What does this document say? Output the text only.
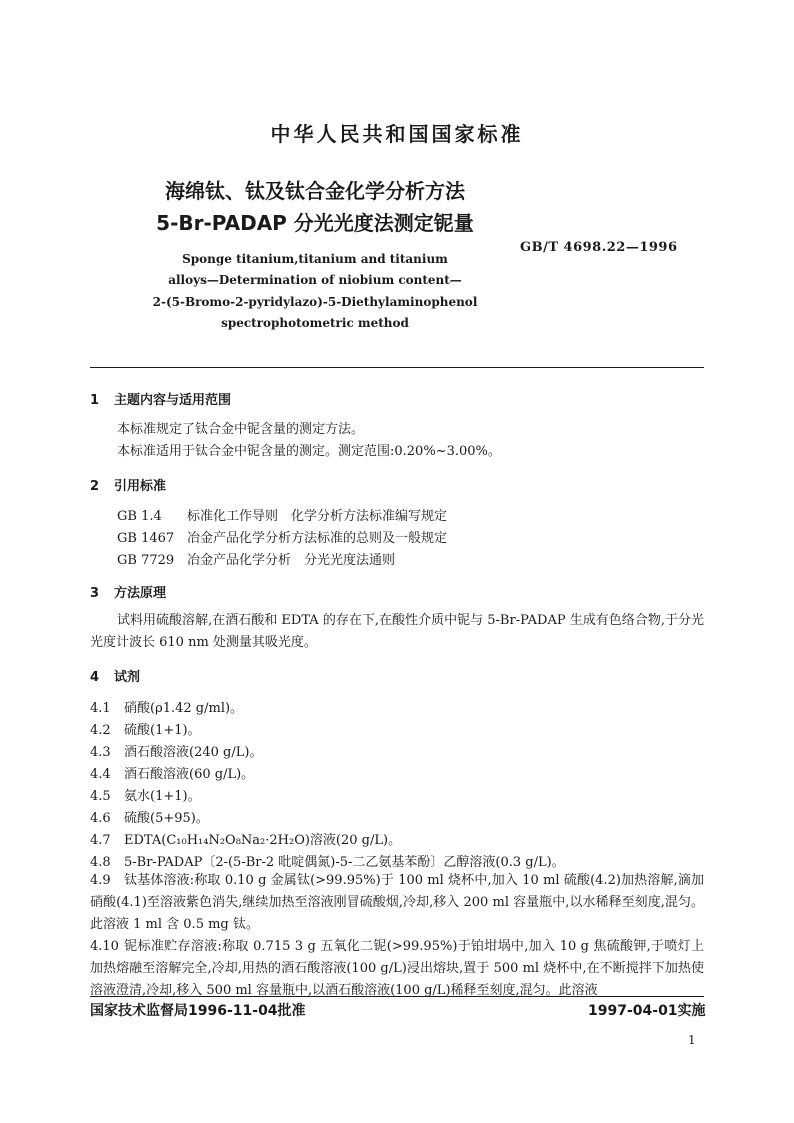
中华人民共和国国家标准
海绵钛、钛及钛合金化学分析方法
5-Br-PADAP 分光光度法测定铌量
GB/T 4698.22—1996
Sponge titanium,titanium and titanium
alloys—Determination of niobium content—
2-(5-Bromo-2-pyridylazo)-5-Diethylaminophenol
spectrophotometric method
1 主题内容与适用范围
本标准规定了钛合金中铌含量的测定方法。
本标准适用于钛合金中铌含量的测定。测定范围:0.20%~3.00%。
2 引用标准
GB 1.4 标准化工作导则　化学分析方法标准编写规定
GB 1467 冶金产品化学分析方法标准的总则及一般规定
GB 7729 冶金产品化学分析　分光光度法通则
3 方法原理
试料用硫酸溶解,在酒石酸和 EDTA 的存在下,在酸性介质中铌与 5-Br-PADAP 生成有色络合物,于分光光度计波长 610 nm 处测量其吸光度。
4 试剂
4.1 硝酸(ρ1.42 g/ml)。
4.2 硫酸(1+1)。
4.3 酒石酸溶液(240 g/L)。
4.4 酒石酸溶液(60 g/L)。
4.5 氨水(1+1)。
4.6 硫酸(5+95)。
4.7 EDTA(C₁₀H₁₄N₂O₈Na₂·2H₂O)溶液(20 g/L)。
4.8 5-Br-PADAP〔2-(5-Br-2 吡啶偶氮)-5-二乙氨基苯酚〕乙醇溶液(0.3 g/L)。
4.9 钛基体溶液:称取 0.10 g 金属钛(>99.95%)于 100 ml 烧杯中,加入 10 ml 硫酸(4.2)加热溶解,滴加硝酸(4.1)至溶液紫色消失,继续加热至溶液刚冒硫酸烟,冷却,移入 200 ml 容量瓶中,以水稀释至刻度,混匀。此溶液 1 ml 含 0.5 mg 钛。
4.10 铌标准贮存溶液:称取 0.715 3 g 五氧化二铌(>99.95%)于铂坩埚中,加入 10 g 焦硫酸钾,于喷灯上加热熔融至溶解完全,冷却,用热的酒石酸溶液(100 g/L)浸出熔块,置于 500 ml 烧杯中,在不断搅拌下加热使溶液澄清,冷却,移入 500 ml 容量瓶中,以酒石酸溶液(100 g/L)稀释至刻度,混匀。此溶液
国家技术监督局1996-11-04批准	1997-04-01实施
1
